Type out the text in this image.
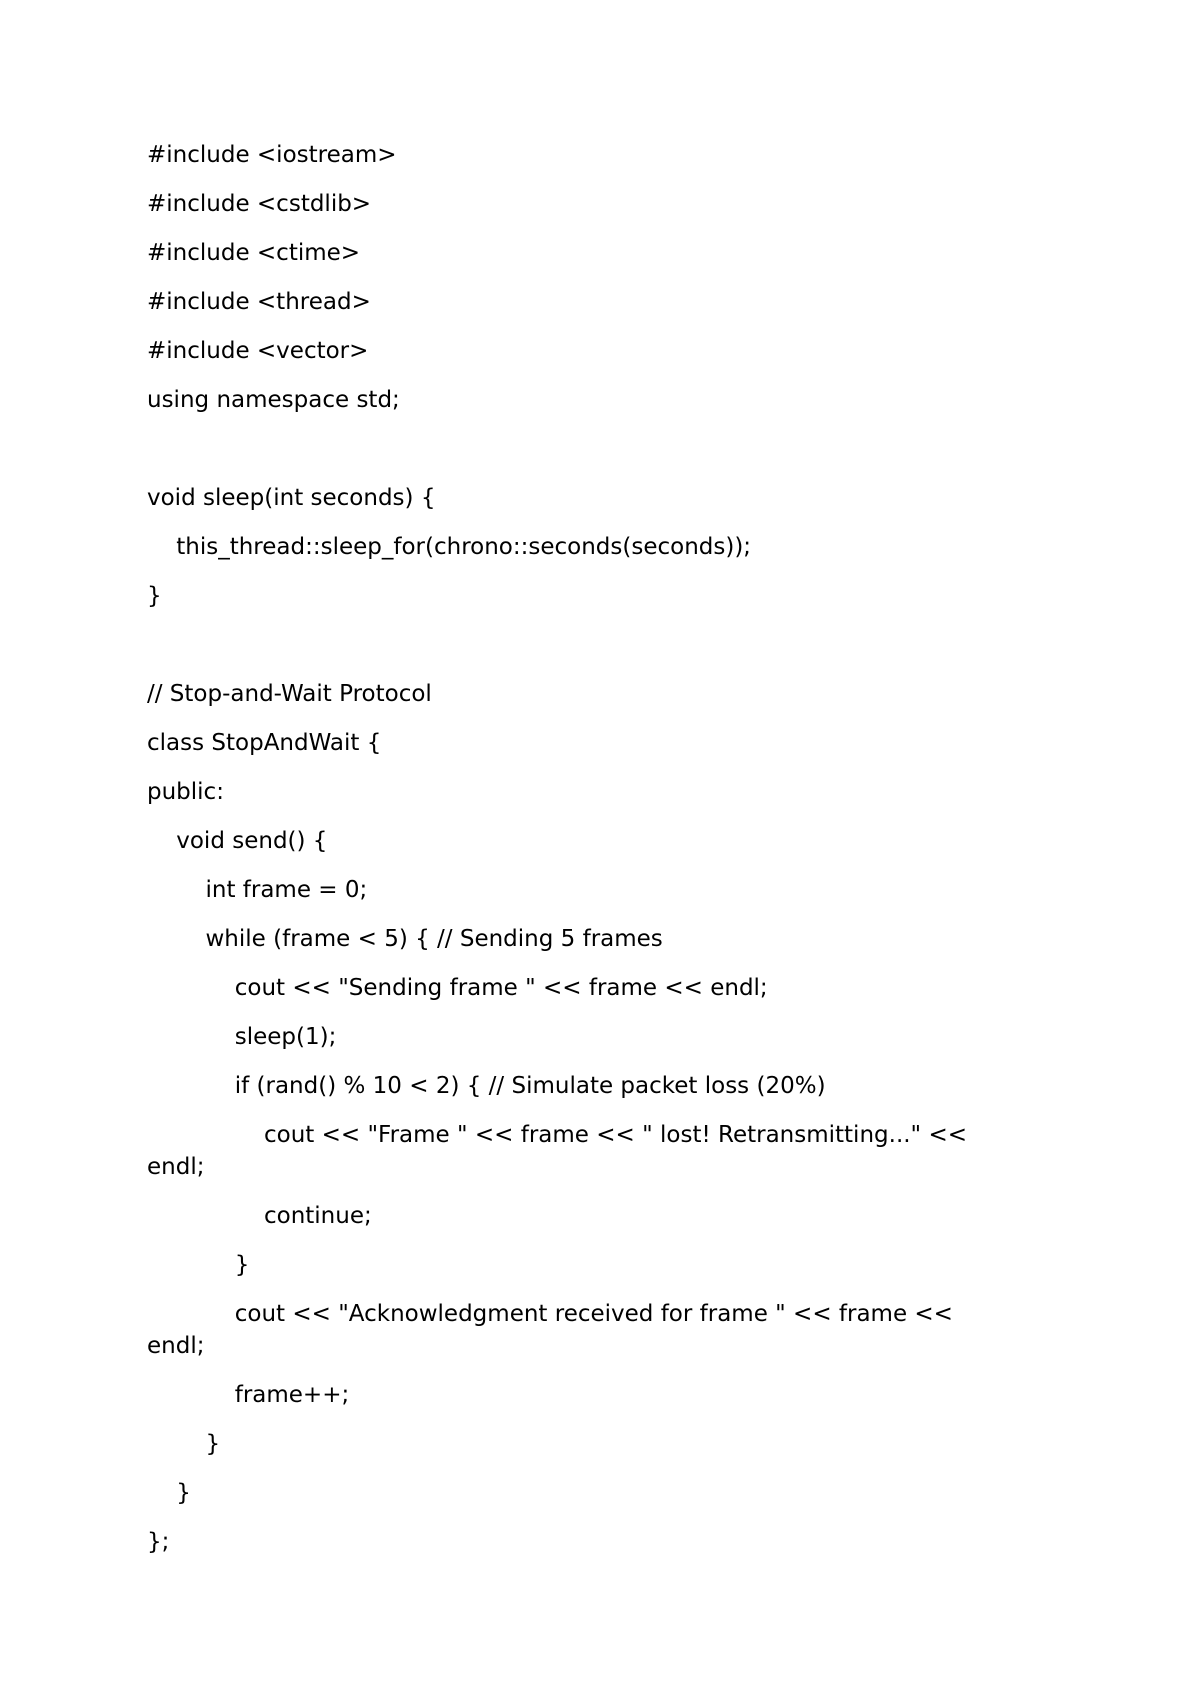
#include <iostream>
#include <cstdlib>
#include <ctime>
#include <thread>
#include <vector>
using namespace std;
void sleep(int seconds) {
this_thread::sleep_for(chrono::seconds(seconds));
}
// Stop-and-Wait Protocol
class StopAndWait {
public:
void send() {
int frame = 0;
while (frame < 5) { // Sending 5 frames
cout << "Sending frame " << frame << endl;
sleep(1);
if (rand() % 10 < 2) { // Simulate packet loss (20%)
cout << "Frame " << frame << " lost! Retransmitting..." <<
endl;
continue;
}
cout << "Acknowledgment received for frame " << frame <<
endl;
frame++;
}
}
};
